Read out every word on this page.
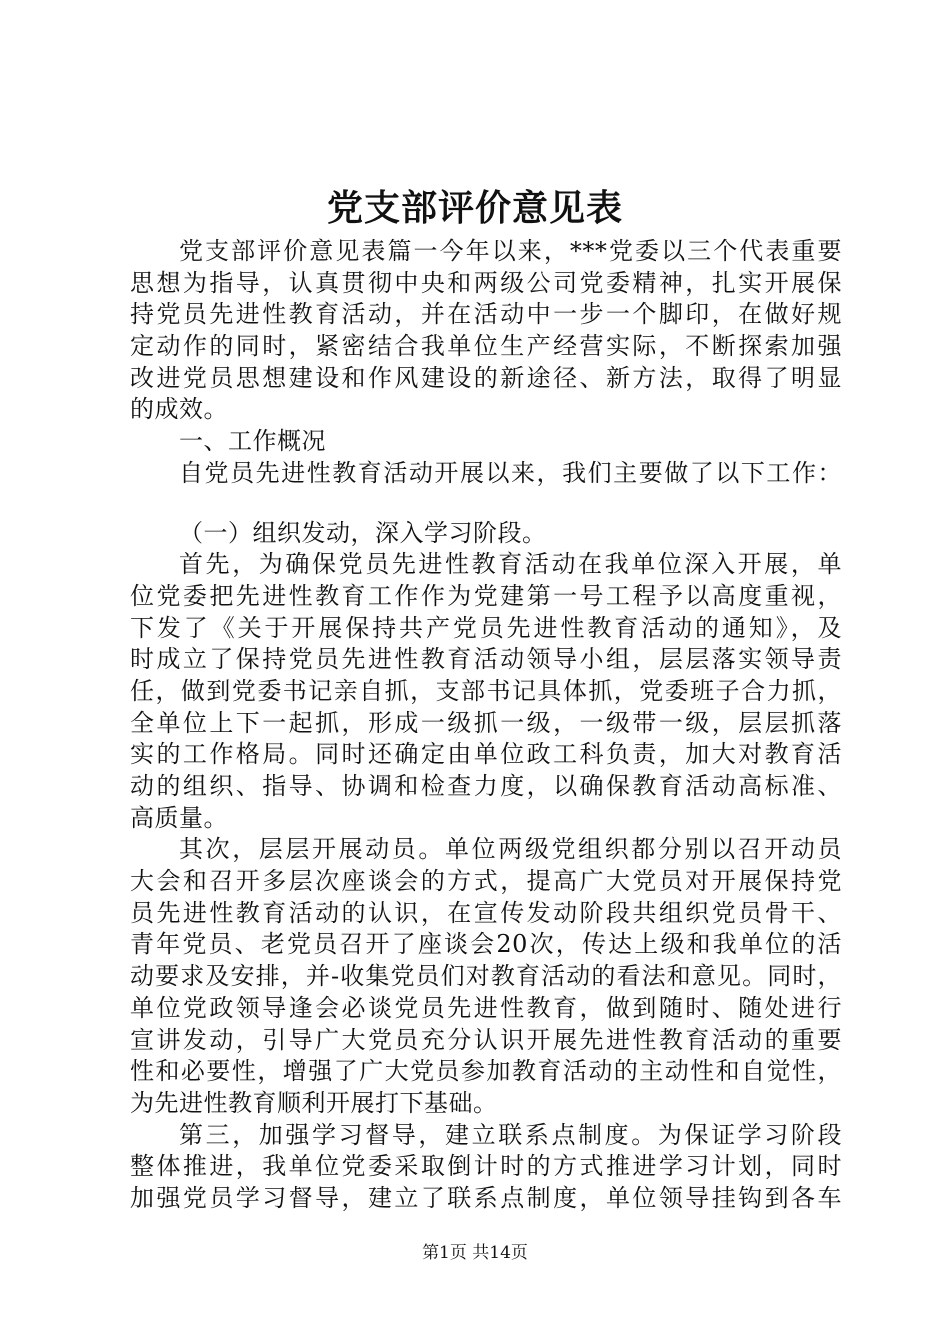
党支部评价意见表
党支部评价意见表篇一今年以来，***党委以三个代表重要
思想为指导，认真贯彻中央和两级公司党委精神，扎实开展保
持党员先进性教育活动，并在活动中一步一个脚印，在做好规
定动作的同时，紧密结合我单位生产经营实际，不断探索加强
改进党员思想建设和作风建设的新途径、新方法，取得了明显
的成效。
一、工作概况
自党员先进性教育活动开展以来，我们主要做了以下工作：
（一）组织发动，深入学习阶段。
首先，为确保党员先进性教育活动在我单位深入开展，单
位党委把先进性教育工作作为党建第一号工程予以高度重视，
下发了《关于开展保持共产党员先进性教育活动的通知》，及
时成立了保持党员先进性教育活动领导小组，层层落实领导责
任，做到党委书记亲自抓，支部书记具体抓，党委班子合力抓，
全单位上下一起抓，形成一级抓一级，一级带一级，层层抓落
实的工作格局。同时还确定由单位政工科负责，加大对教育活
动的组织、指导、协调和检查力度，以确保教育活动高标准、
高质量。
其次，层层开展动员。单位两级党组织都分别以召开动员
大会和召开多层次座谈会的方式，提高广大党员对开展保持党
员先进性教育活动的认识，在宣传发动阶段共组织党员骨干、
青年党员、老党员召开了座谈会20次，传达上级和我单位的活
动要求及安排，并-收集党员们对教育活动的看法和意见。同时，
单位党政领导逢会必谈党员先进性教育，做到随时、随处进行
宣讲发动，引导广大党员充分认识开展先进性教育活动的重要
性和必要性，增强了广大党员参加教育活动的主动性和自觉性，
为先进性教育顺利开展打下基础。
第三，加强学习督导，建立联系点制度。为保证学习阶段
整体推进，我单位党委采取倒计时的方式推进学习计划，同时
加强党员学习督导，建立了联系点制度，单位领导挂钩到各车
第1页 共14页
